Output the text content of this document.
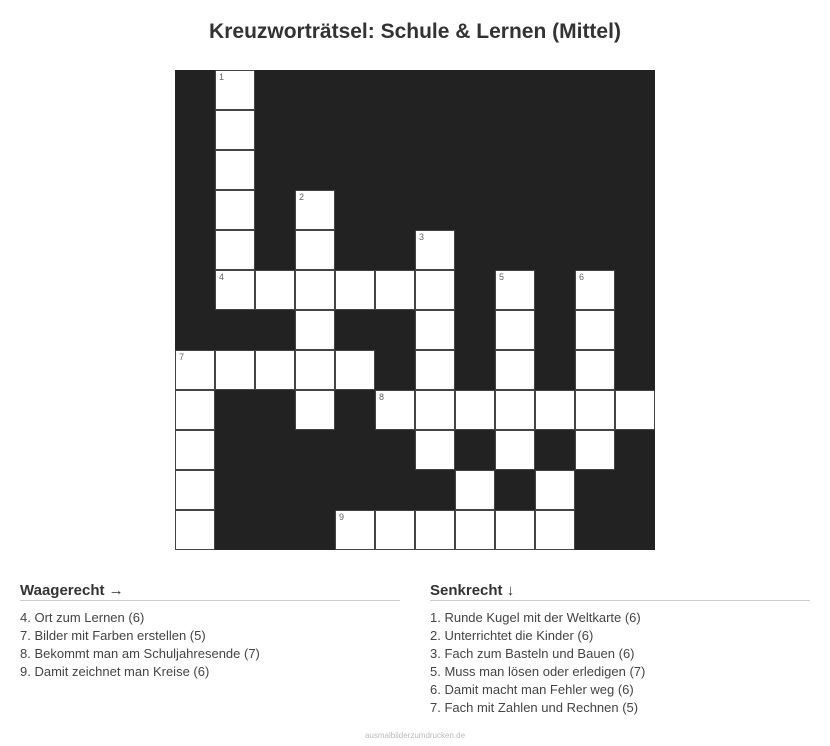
Kreuzworträtsel: Schule & Lernen (Mittel)
1
2
3
4	5	6
7
8
9
Waagerecht →
4. Ort zum Lernen (6)
7. Bilder mit Farben erstellen (5)
8. Bekommt man am Schuljahresende (7)
9. Damit zeichnet man Kreise (6)
Senkrecht ↓
1. Runde Kugel mit der Weltkarte (6)
2. Unterrichtet die Kinder (6)
3. Fach zum Basteln und Bauen (6)
5. Muss man lösen oder erledigen (7)
6. Damit macht man Fehler weg (6)
7. Fach mit Zahlen und Rechnen (5)
ausmalbilderzumdrucken.de
